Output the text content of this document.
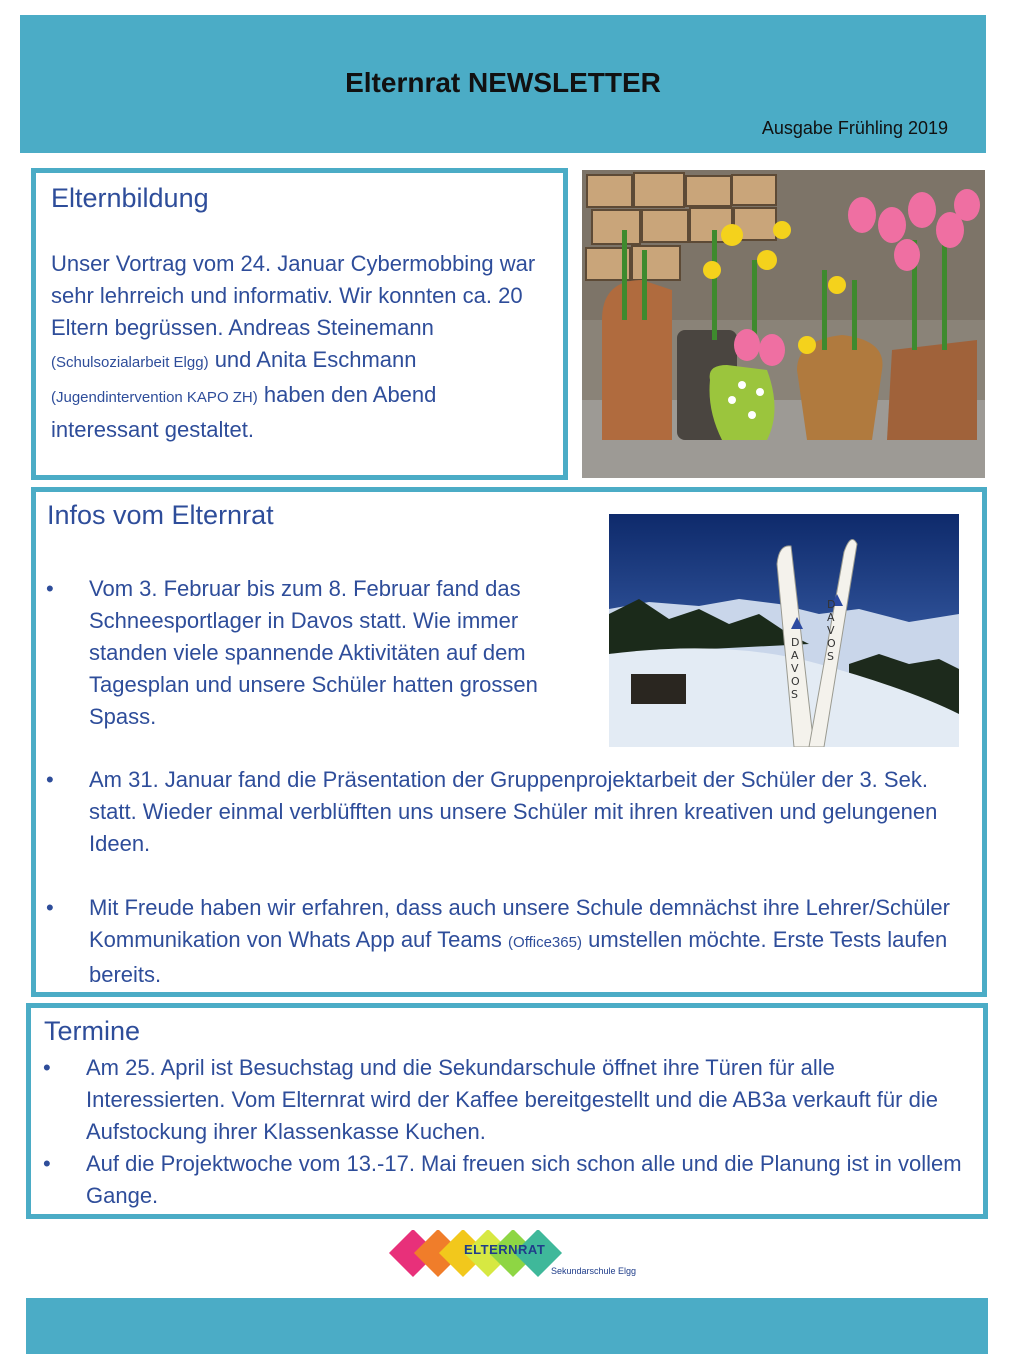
Elternrat NEWSLETTER
Ausgabe Frühling 2019
Elternbildung

Unser Vortrag vom 24. Januar Cybermobbing war sehr lehrreich und informativ. Wir konnten ca. 20 Eltern begrüssen. Andreas Steinemann (Schulsozialarbeit Elgg) und Anita Eschmann (Jugendintervention KAPO ZH) haben den Abend interessant gestaltet.

Infos vom Elternrat
• Vom 3. Februar bis zum 8. Februar fand das Schneesportlager in Davos statt. Wie immer standen viele spannende Aktivitäten auf dem Tagesplan und unsere Schüler hatten grossen Spass.
• Am 31. Januar fand die Präsentation der Gruppenprojektarbeit der Schüler der 3. Sek. statt. Wieder einmal verblüfften uns unsere Schüler mit ihren kreativen und gelungenen Ideen.
• Mit Freude haben wir erfahren, dass auch unsere Schule demnächst ihre Lehrer/Schüler Kommunikation von Whats App auf Teams (Office365) umstellen möchte. Erste Tests laufen bereits.
DAVOS
DAVOS
Termine
• Am 25. April ist Besuchstag und die Sekundarschule öffnet ihre Türen für alle Interessierten. Vom Elternrat wird der Kaffee bereitgestellt und die AB3a verkauft für die Aufstockung ihrer Klassenkasse Kuchen.
• Auf die Projektwoche vom 13.-17. Mai freuen sich schon alle und die Planung ist in vollem Gange.
ELTERNRAT
Sekundarschule Elgg
